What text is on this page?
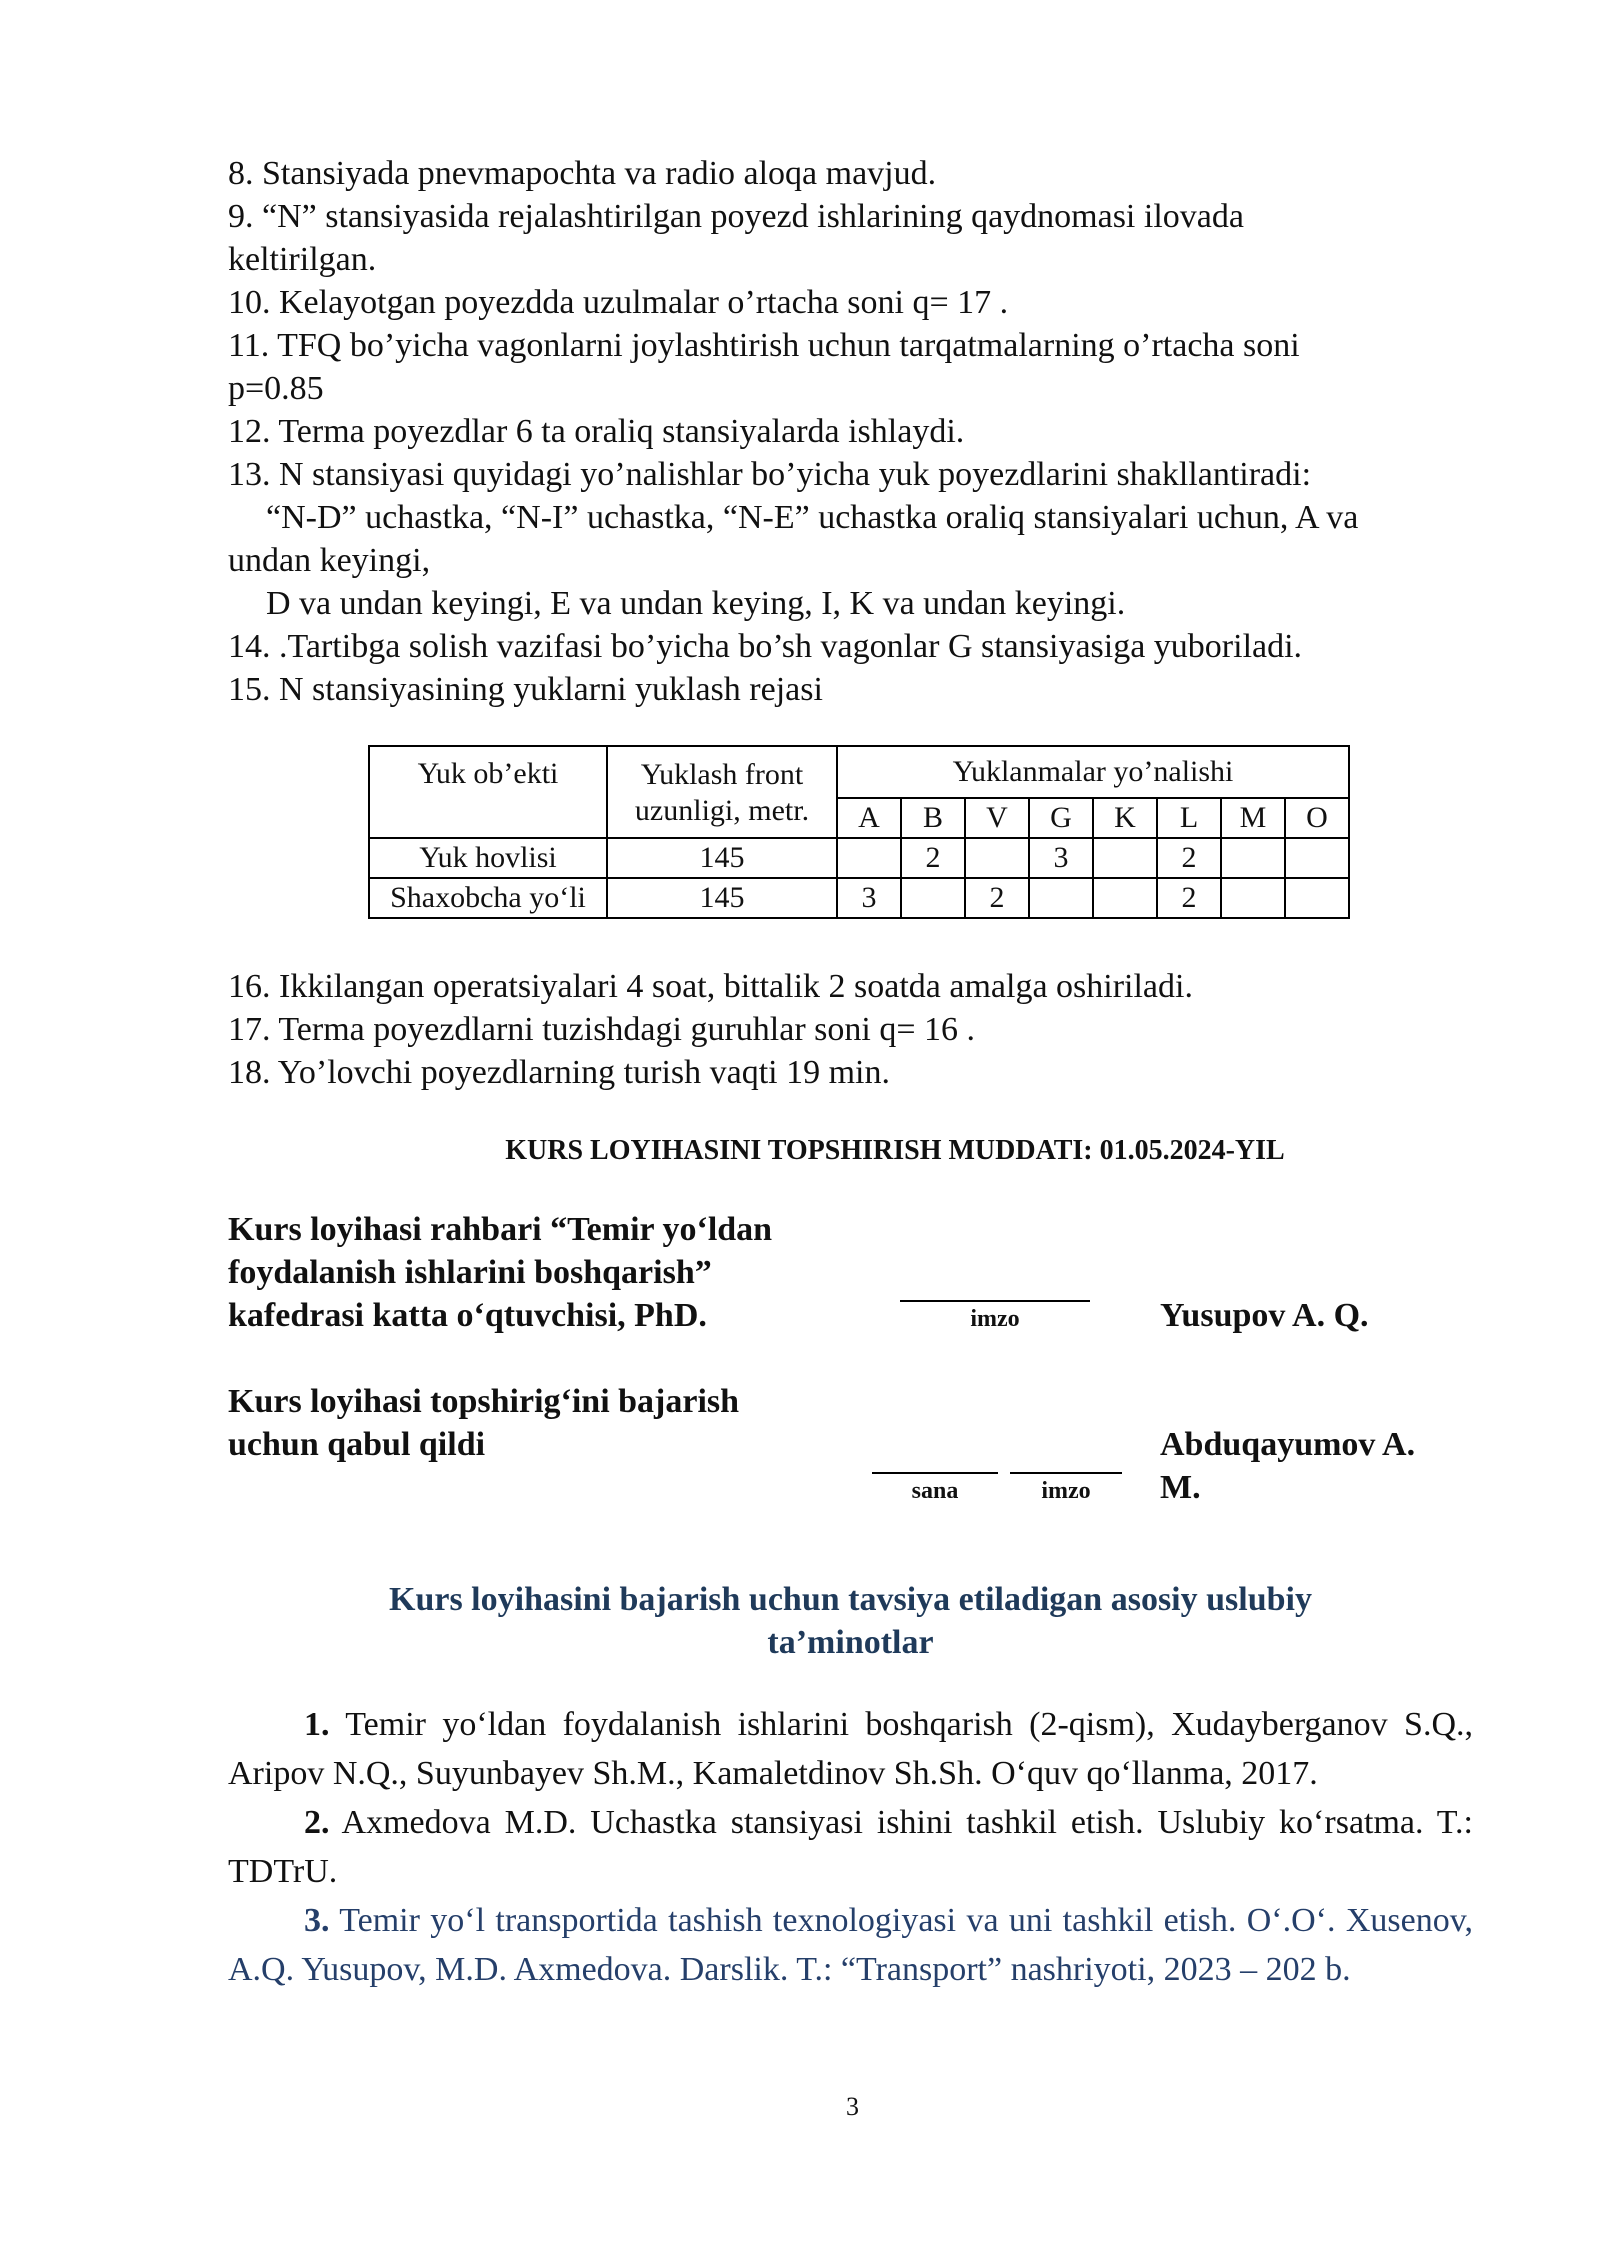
8. Stansiyada pnevmapochta va radio aloqa mavjud.
9. “N” stansiyasida rejalashtirilgan poyezd ishlarining qaydnomasi ilovada
keltirilgan.
10. Kelayotgan poyezdda uzulmalar o’rtacha soni q= 17 .
11. TFQ bo’yicha vagonlarni joylashtirish uchun tarqatmalarning o’rtacha soni
p=0.85
12. Terma poyezdlar 6 ta oraliq stansiyalarda ishlaydi.
13. N stansiyasi quyidagi yo’nalishlar bo’yicha yuk poyezdlarini shakllantiradi:
“N-D” uchastka, “N-I” uchastka, “N-E” uchastka oraliq stansiyalari uchun, A va
undan keyingi,
D va undan keyingi, E va undan keying, I, K va undan keyingi.
14. .Tartibga solish vazifasi bo’yicha bo’sh vagonlar G stansiyasiga yuboriladi.
15. N stansiyasining yuklarni yuklash rejasi
Yuk ob’ekti	Yuklash front
uzunligi, metr.	Yuklanmalar yo’nalishi							
		A	B	V	G	K	L	M	O
Yuk hovlisi	145		2		3		2		
Shaxobcha yo‘li	145	3		2			2		
16. Ikkilangan operatsiyalari 4 soat, bittalik 2 soatda amalga oshiriladi.
17. Terma poyezdlarni tuzishdagi guruhlar soni q= 16 .
18. Yo’lovchi poyezdlarning turish vaqti 19 min.
KURS LOYIHASINI TOPSHIRISH MUDDATI: 01.05.2024-YIL
Kurs loyihasi rahbari “Temir yo‘ldan
foydalanish ishlarini boshqarish”
kafedrasi katta o‘qtuvchisi, PhD.	imzo	Yusupov A. Q.
Kurs loyihasi topshirig‘ini bajarish
uchun qabul qildi
sana	imzo
Abduqayumov A.
M.
Kurs loyihasini bajarish uchun tavsiya etiladigan asosiy uslubiy
ta’minotlar

1. Temir yo‘ldan foydalanish ishlarini boshqarish (2-qism), Xudayberganov S.Q., Aripov N.Q., Suyunbayev Sh.M., Kamaletdinov Sh.Sh. O‘quv qo‘llanma, 2017.

2. Axmedova M.D. Uchastka stansiyasi ishini tashkil etish. Uslubiy ko‘rsatma. T.: TDTrU.

3. Temir yo‘l transportida tashish texnologiyasi va uni tashkil etish. O‘.O‘. Xusenov, A.Q. Yusupov, M.D. Axmedova. Darslik. T.: “Transport” nashriyoti, 2023 – 202 b.

3
